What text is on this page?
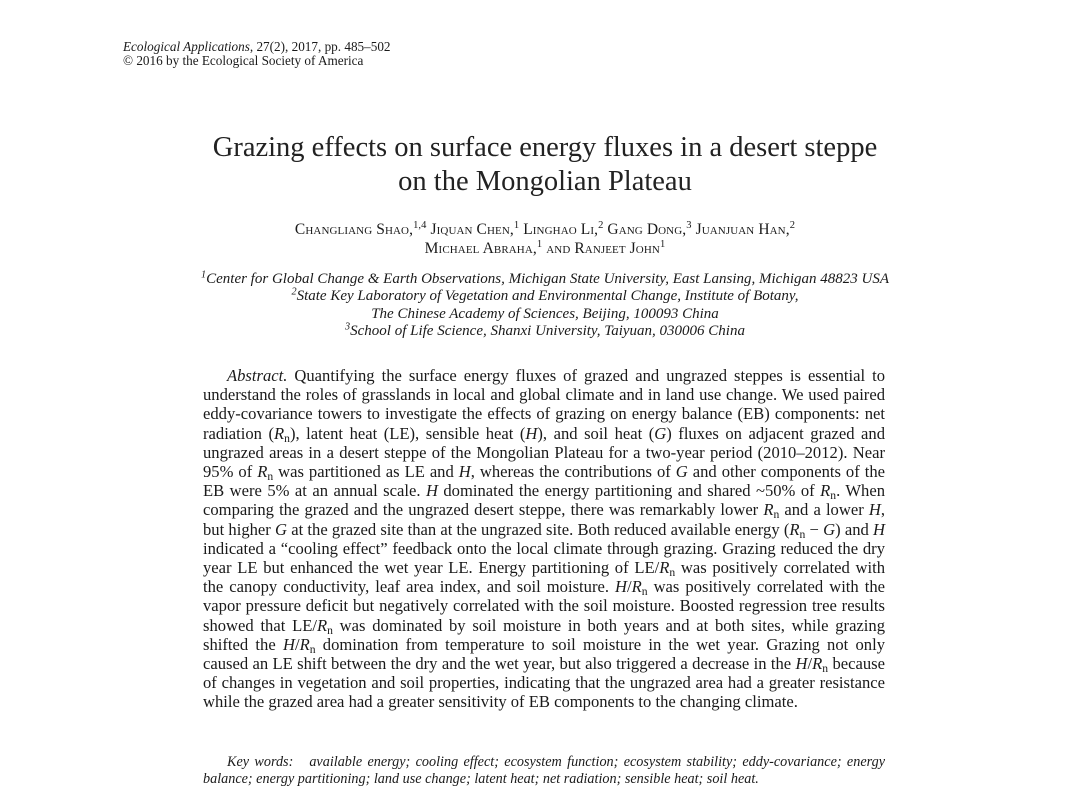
Ecological Applications, 27(2), 2017, pp. 485–502
© 2016 by the Ecological Society of America
Grazing effects on surface energy fluxes in a desert steppe
on the Mongolian Plateau
Changliang Shao,$^{1,4}$ Jiquan Chen,$^1$ Linghao Li,$^2$ Gang Dong,$^3$ Juanjuan Han,$^2$
Michael Abraha,$^1$ and Ranjeet John$^1$
$^1$Center for Global Change & Earth Observations, Michigan State University, East Lansing, Michigan 48823 USA
$^2$State Key Laboratory of Vegetation and Environmental Change, Institute of Botany,
The Chinese Academy of Sciences, Beijing, 100093 China
$^3$School of Life Science, Shanxi University, Taiyuan, 030006 China
Abstract. Quantifying the surface energy fluxes of grazed and ungrazed steppes is essential to understand the roles of grasslands in local and global climate and in land use change. We used paired eddy-covariance towers to investigate the effects of grazing on energy balance (EB) components: net radiation $(R_n)$, latent heat (LE), sensible heat (H), and soil heat (G) fluxes on adjacent grazed and ungrazed areas in a desert steppe of the Mongolian Plateau for a two-year period (2010–2012). Near 95% of $R_n$ was partitioned as LE and H, whereas the contributions of G and other components of the EB were 5% at an annual scale. H dominated the energy partitioning and shared ~50% of $R_n$. When comparing the grazed and the ungrazed desert steppe, there was remarkably lower $R_n$ and a lower H, but higher G at the grazed site than at the ungrazed site. Both reduced available energy $(R_n - G)$ and H indicated a “cooling effect” feedback onto the local climate through grazing. Grazing reduced the dry year LE but enhanced the wet year LE. Energy partitioning of $LE/R_n$ was positively correlated with the canopy conductivity, leaf area index, and soil moisture. $H/R_n$ was positively correlated with the vapor pressure deficit but negatively correlated with the soil moisture. Boosted regression tree results showed that $LE/R_n$ was dominated by soil moisture in both years and at both sites, while grazing shifted the $H/R_n$ domination from temperature to soil moisture in the wet year. Grazing not only caused an LE shift between the dry and the wet year, but also triggered a decrease in the $H/R_n$ because of changes in vegetation and soil properties, indicating that the ungrazed area had a greater resistance while the grazed area had a greater sensitivity of EB components to the changing climate.
Key words: available energy; cooling effect; ecosystem function; ecosystem stability; eddy-covariance; energy balance; energy partitioning; land use change; latent heat; net radiation; sensible heat; soil heat.
